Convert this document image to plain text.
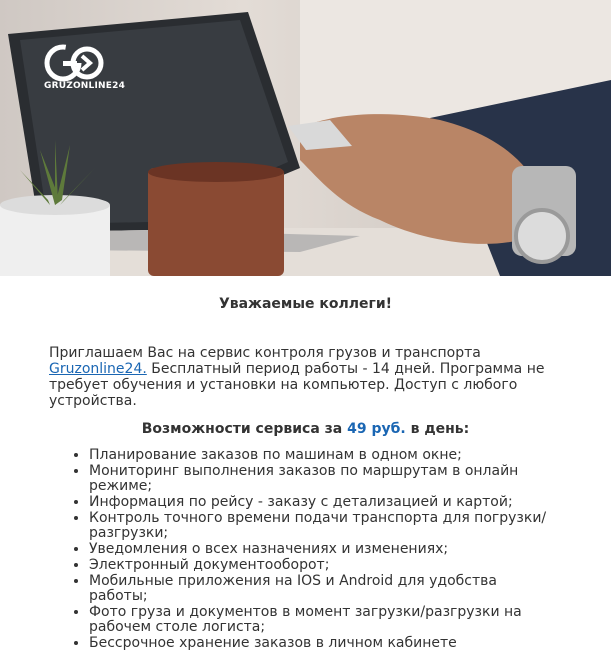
GRUZONLINE24
Уважаемые коллеги!
Приглашаем Вас на сервис контроля грузов и транспорта Gruzonline24. Бесплатный период работы - 14 дней. Программа не требует обучения и установки на компьютер. Доступ с любого устройства.
Возможности сервиса за 49 руб. в день:
• Планирование заказов по машинам в одном окне;
• Мониторинг выполнения заказов по маршрутам в онлайн режиме;
• Информация по рейсу - заказу с детализацией и картой;
• Контроль точного времени подачи транспорта для погрузки/разгрузки;
• Уведомления о всех назначениях и изменениях;
• Электронный документооборот;
• Мобильные приложения на IOS и Android для удобства работы;
• Фото груза и документов в момент загрузки/разгрузки на рабочем столе логиста;
• Бессрочное хранение заказов в личном кабинете
